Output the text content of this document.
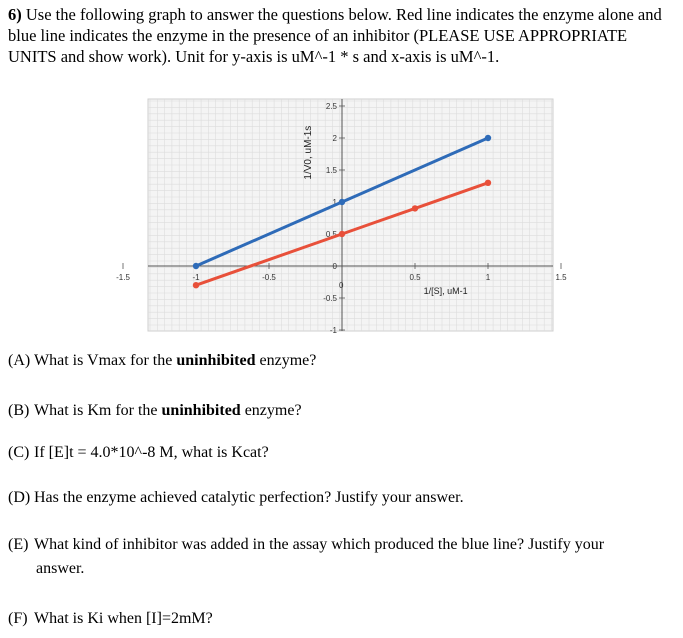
6) Use the following graph to answer the questions below. Red line indicates the enzyme alone and blue line indicates the enzyme in the presence of an inhibitor (PLEASE USE APPROPRIATE UNITS and show work). Unit for y-axis is uM^-1 * s and x-axis is uM^-1.
-1.5	-1	-0.5
0
0.5	1	1.5
2.5
2
1.5
1
0.5
0
-0.5
-1
1/[S], uM-1
1/V0, uM-1s
(A) What is Vmax for the uninhibited enzyme?
(B) What is Km for the uninhibited enzyme?
(C) If [E]t = 4.0*10^-8 M, what is Kcat?
(D) Has the enzyme achieved catalytic perfection? Justify your answer.
(E) What kind of inhibitor was added in the assay which produced the blue line? Justify your
answer.
(F) What is Ki when [I]=2mM?
